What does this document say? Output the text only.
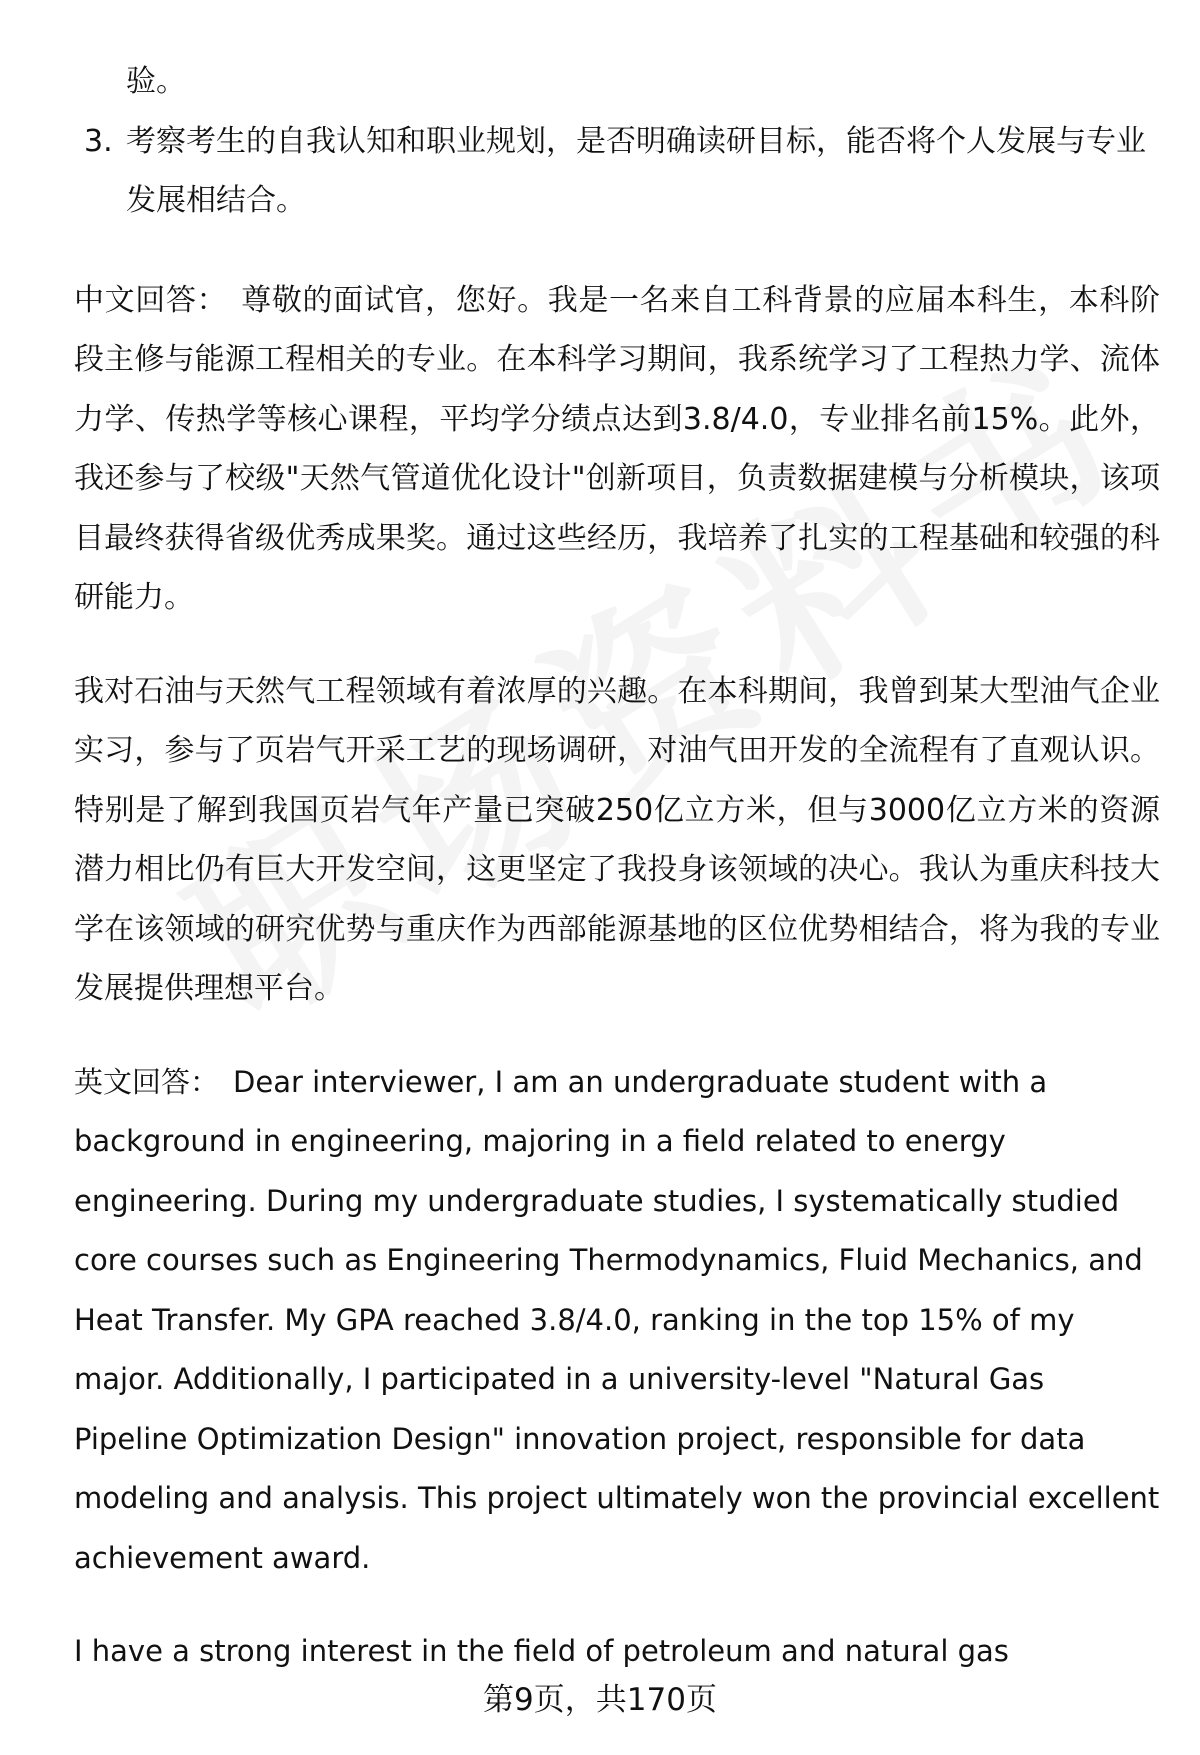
验。

3. 考察考生的自我认知和职业规划，是否明确读研目标，能否将个人发展与专业发展相结合。

中文回答： 尊敬的面试官，您好。我是一名来自工科背景的应届本科生，本科阶段主修与能源工程相关的专业。在本科学习期间，我系统学习了工程热力学、流体力学、传热学等核心课程，平均学分绩点达到3.8/4.0，专业排名前15%。此外，我还参与了校级"天然气管道优化设计"创新项目，负责数据建模与分析模块，该项目最终获得省级优秀成果奖。通过这些经历，我培养了扎实的工程基础和较强的科研能力。

我对石油与天然气工程领域有着浓厚的兴趣。在本科期间，我曾到某大型油气企业实习，参与了页岩气开采工艺的现场调研，对油气田开发的全流程有了直观认识。特别是了解到我国页岩气年产量已突破250亿立方米，但与3000亿立方米的资源潜力相比仍有巨大开发空间，这更坚定了我投身该领域的决心。我认为重庆科技大学在该领域的研究优势与重庆作为西部能源基地的区位优势相结合，将为我的专业发展提供理想平台。

英文回答： Dear interviewer, I am an undergraduate student with a background in engineering, majoring in a field related to energy engineering. During my undergraduate studies, I systematically studied core courses such as Engineering Thermodynamics, Fluid Mechanics, and Heat Transfer. My GPA reached 3.8/4.0, ranking in the top 15% of my major. Additionally, I participated in a university-level "Natural Gas Pipeline Optimization Design" innovation project, responsible for data modeling and analysis. This project ultimately won the provincial excellent achievement award.

I have a strong interest in the field of petroleum and natural gas

第9页，共170页
